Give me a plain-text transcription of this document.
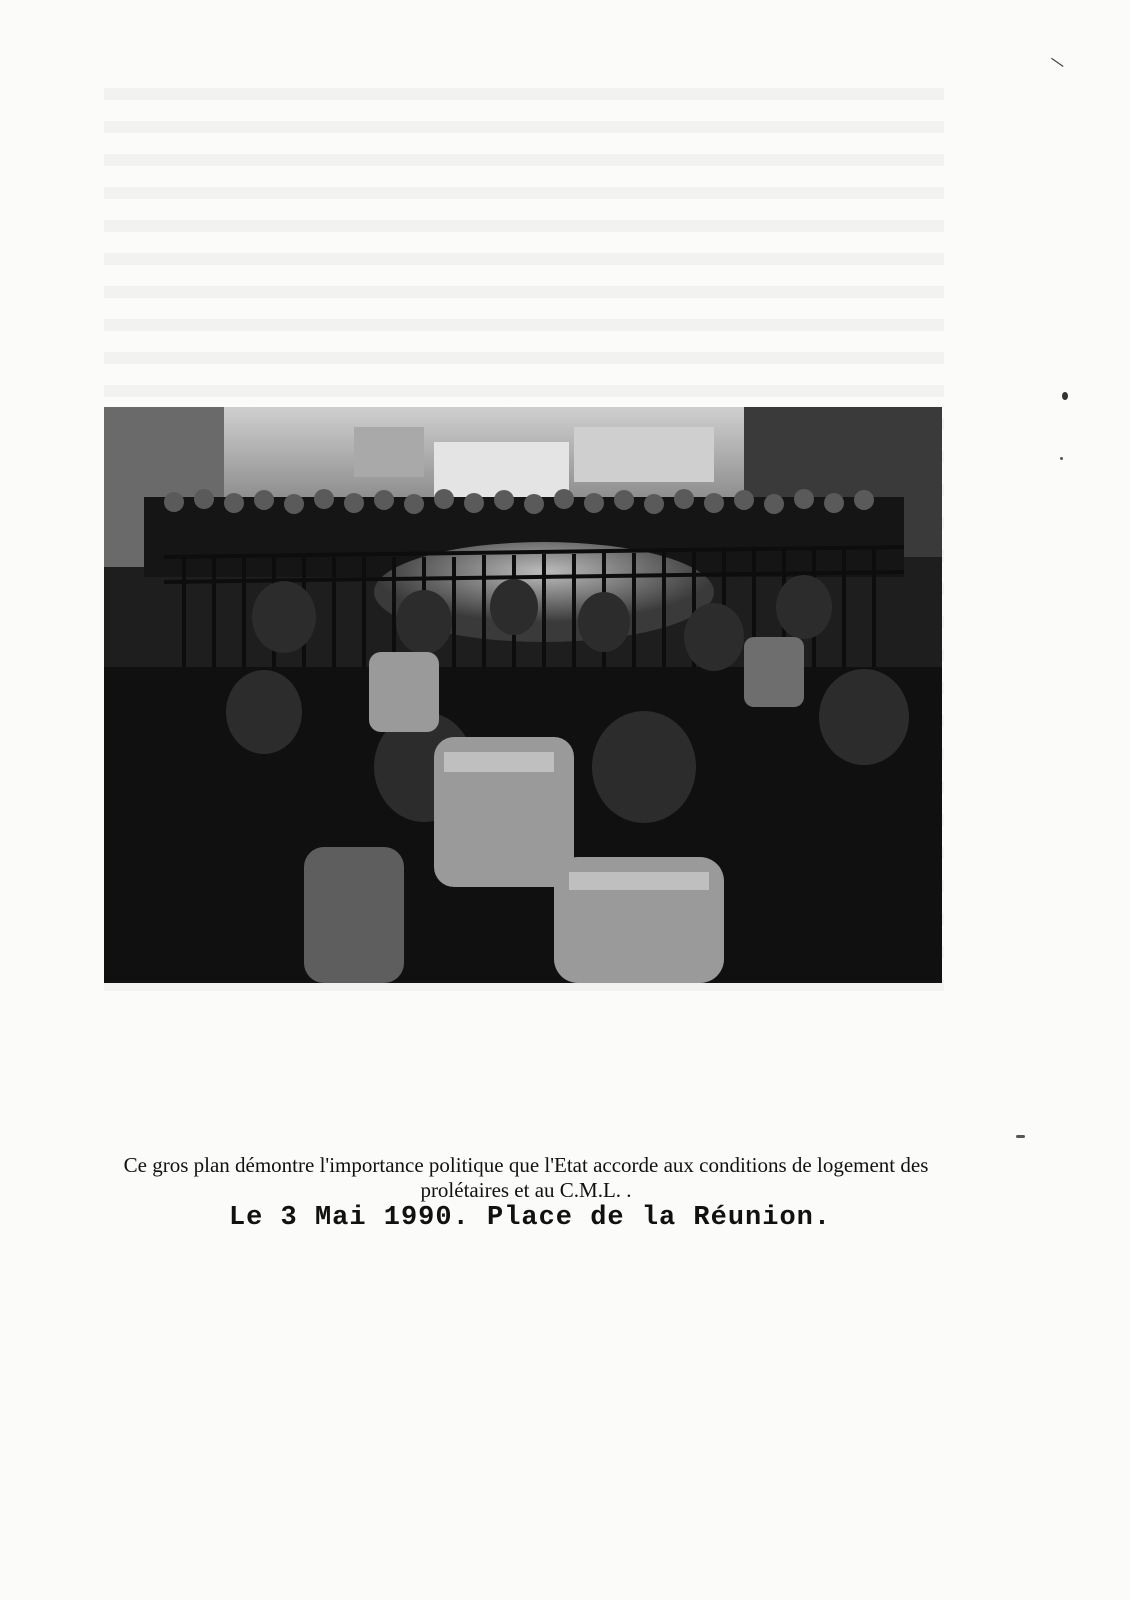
Ce gros plan démontre l'importance politique que l'Etat accorde aux conditions de logement des prolétaires et au C.M.L. .
Le 3 Mai 1990. Place de la Réunion.
—
